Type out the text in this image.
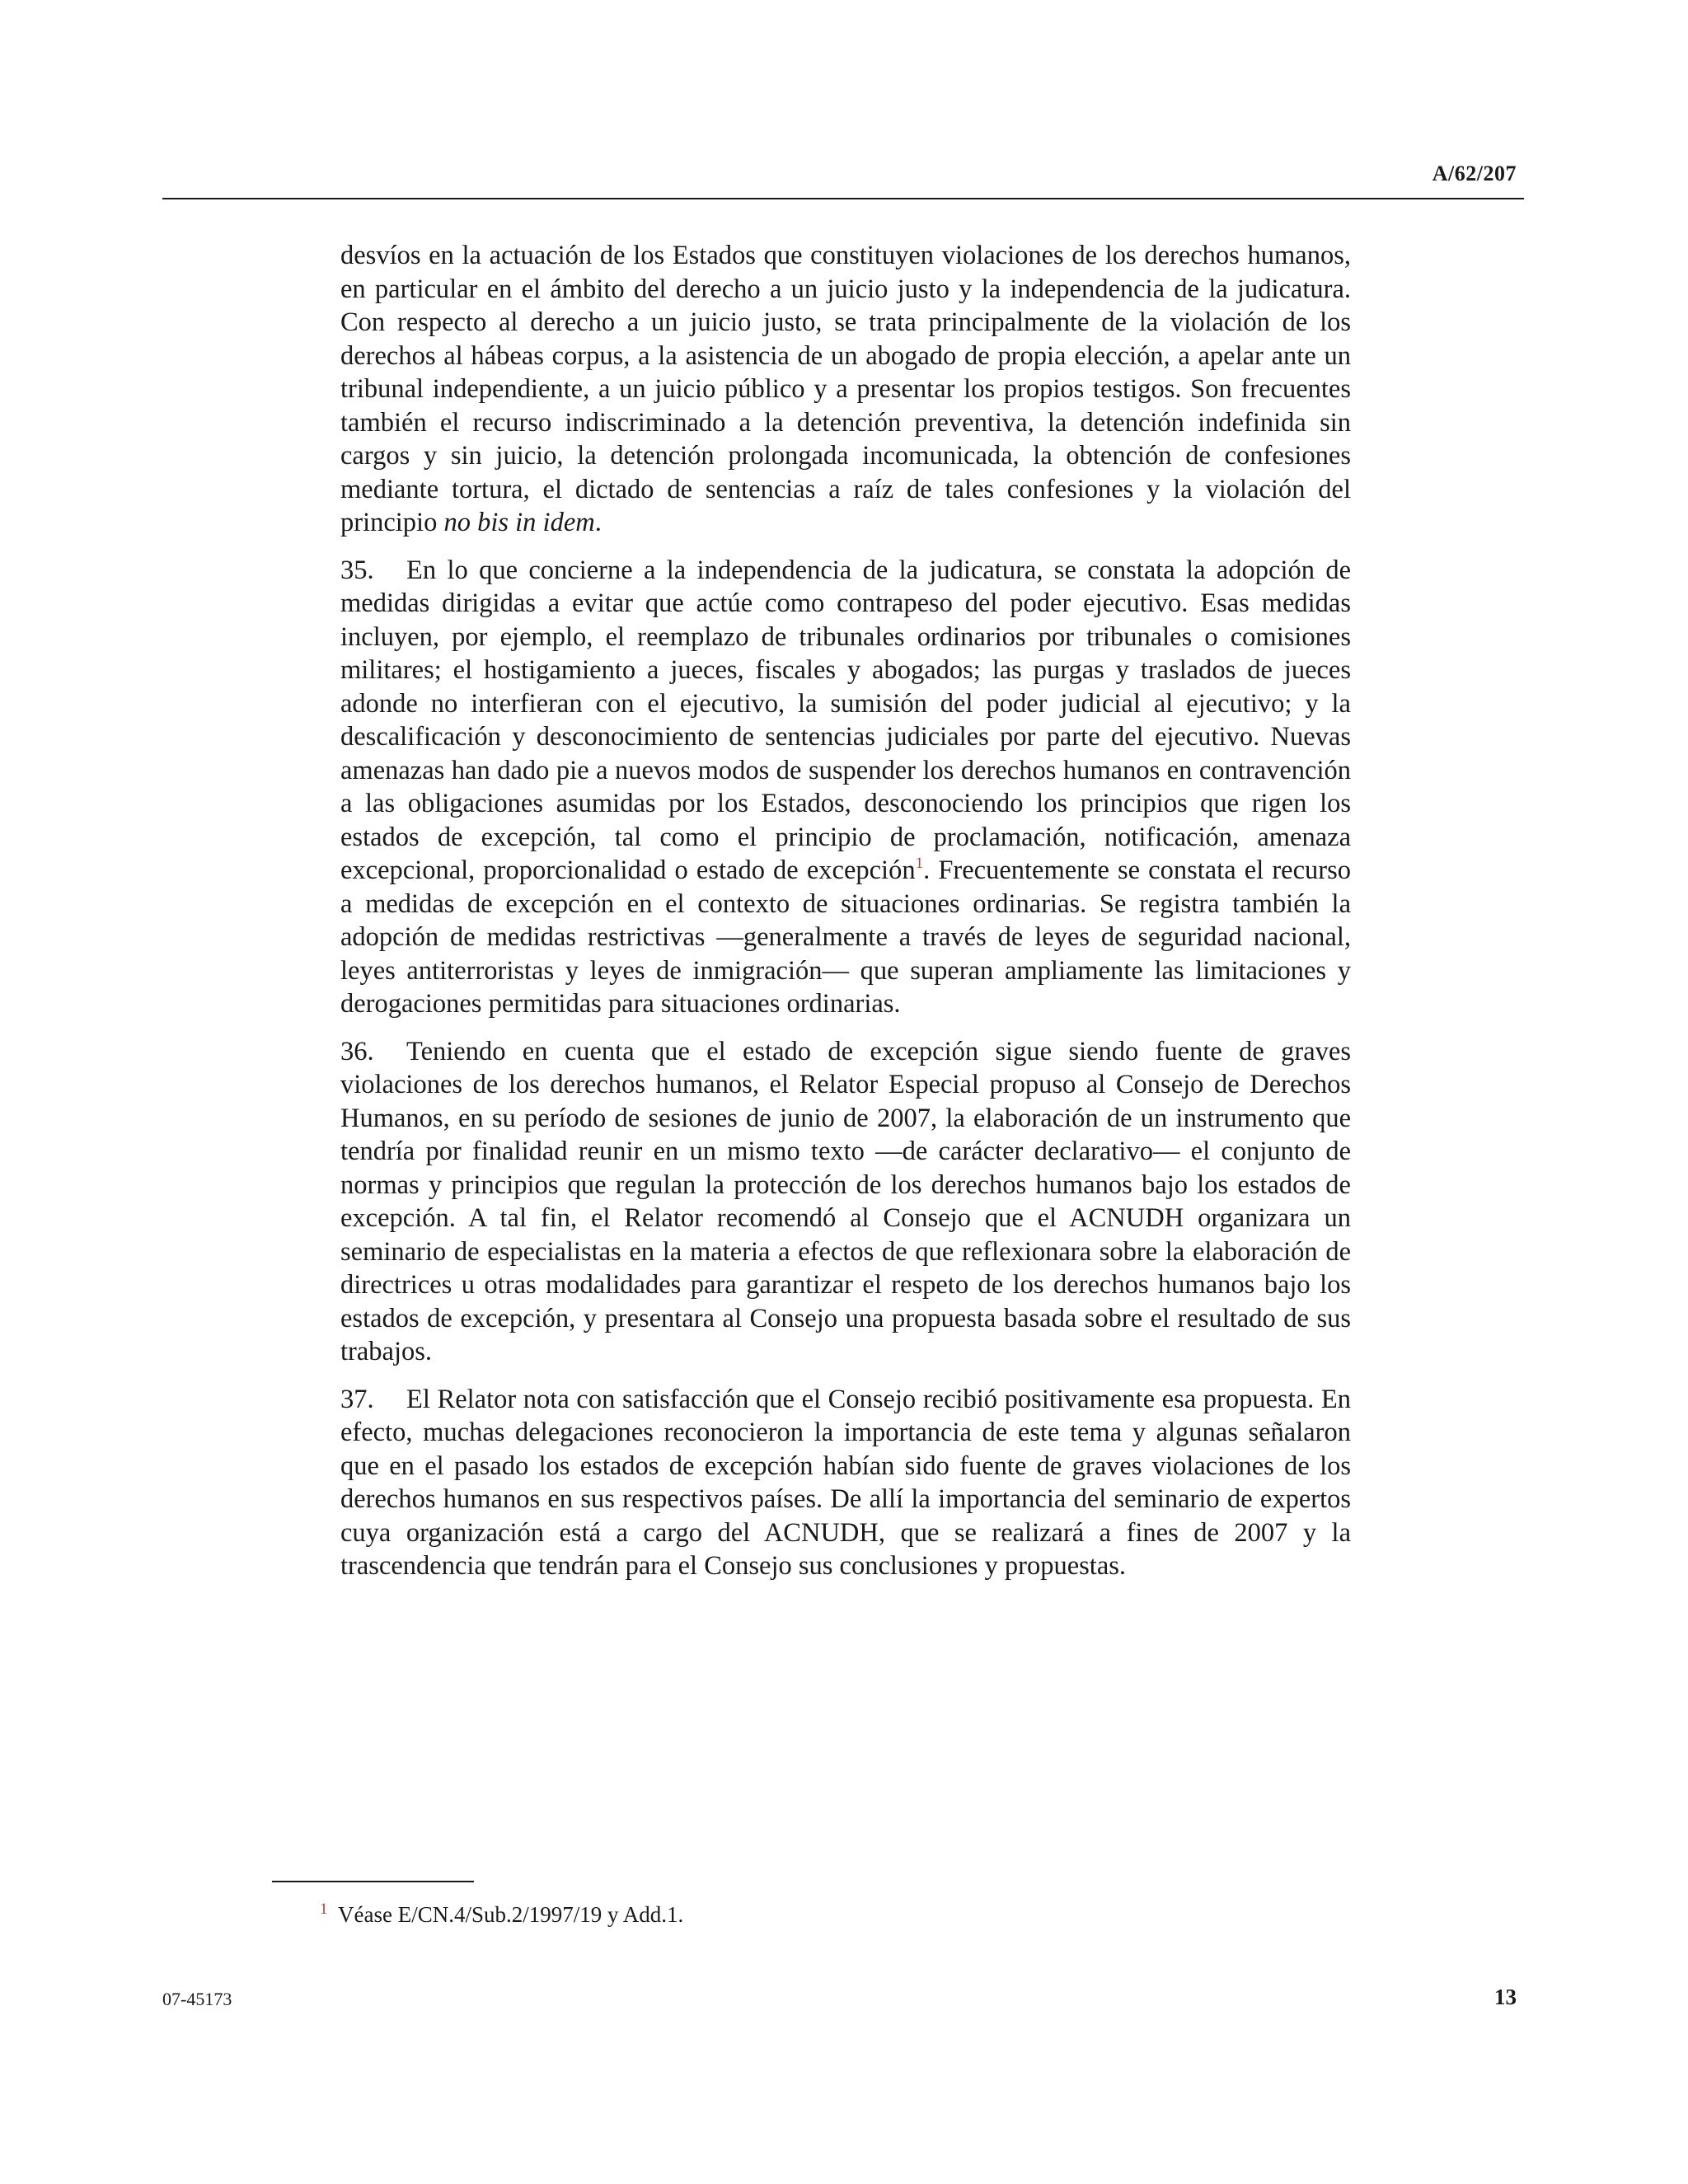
A/62/207

desvíos en la actuación de los Estados que constituyen violaciones de los derechos humanos, en particular en el ámbito del derecho a un juicio justo y la independencia de la judicatura. Con respecto al derecho a un juicio justo, se trata principalmente de la violación de los derechos al hábeas corpus, a la asistencia de un abogado de propia elección, a apelar ante un tribunal independiente, a un juicio público y a presentar los propios testigos. Son frecuentes también el recurso indiscriminado a la detención preventiva, la detención indefinida sin cargos y sin juicio, la detención prolongada incomunicada, la obtención de confesiones mediante tortura, el dictado de sentencias a raíz de tales confesiones y la violación del principio no bis in idem.

35. En lo que concierne a la independencia de la judicatura, se constata la adopción de medidas dirigidas a evitar que actúe como contrapeso del poder ejecutivo. Esas medidas incluyen, por ejemplo, el reemplazo de tribunales ordinarios por tribunales o comisiones militares; el hostigamiento a jueces, fiscales y abogados; las purgas y traslados de jueces adonde no interfieran con el ejecutivo, la sumisión del poder judicial al ejecutivo; y la descalificación y desconocimiento de sentencias judiciales por parte del ejecutivo. Nuevas amenazas han dado pie a nuevos modos de suspender los derechos humanos en contravención a las obligaciones asumidas por los Estados, desconociendo los principios que rigen los estados de excepción, tal como el principio de proclamación, notificación, amenaza excepcional, proporcionalidad o estado de excepción$^1$. Frecuentemente se constata el recurso a medidas de excepción en el contexto de situaciones ordinarias. Se registra también la adopción de medidas restrictivas —generalmente a través de leyes de seguridad nacional, leyes antiterroristas y leyes de inmigración— que superan ampliamente las limitaciones y derogaciones permitidas para situaciones ordinarias.

36. Teniendo en cuenta que el estado de excepción sigue siendo fuente de graves violaciones de los derechos humanos, el Relator Especial propuso al Consejo de Derechos Humanos, en su período de sesiones de junio de 2007, la elaboración de un instrumento que tendría por finalidad reunir en un mismo texto —de carácter declarativo— el conjunto de normas y principios que regulan la protección de los derechos humanos bajo los estados de excepción. A tal fin, el Relator recomendó al Consejo que el ACNUDH organizara un seminario de especialistas en la materia a efectos de que reflexionara sobre la elaboración de directrices u otras modalidades para garantizar el respeto de los derechos humanos bajo los estados de excepción, y presentara al Consejo una propuesta basada sobre el resultado de sus trabajos.

37. El Relator nota con satisfacción que el Consejo recibió positivamente esa propuesta. En efecto, muchas delegaciones reconocieron la importancia de este tema y algunas señalaron que en el pasado los estados de excepción habían sido fuente de graves violaciones de los derechos humanos en sus respectivos países. De allí la importancia del seminario de expertos cuya organización está a cargo del ACNUDH, que se realizará a fines de 2007 y la trascendencia que tendrán para el Consejo sus conclusiones y propuestas.

1 Véase E/CN.4/Sub.2/1997/19 y Add.1.
07-45173	13
